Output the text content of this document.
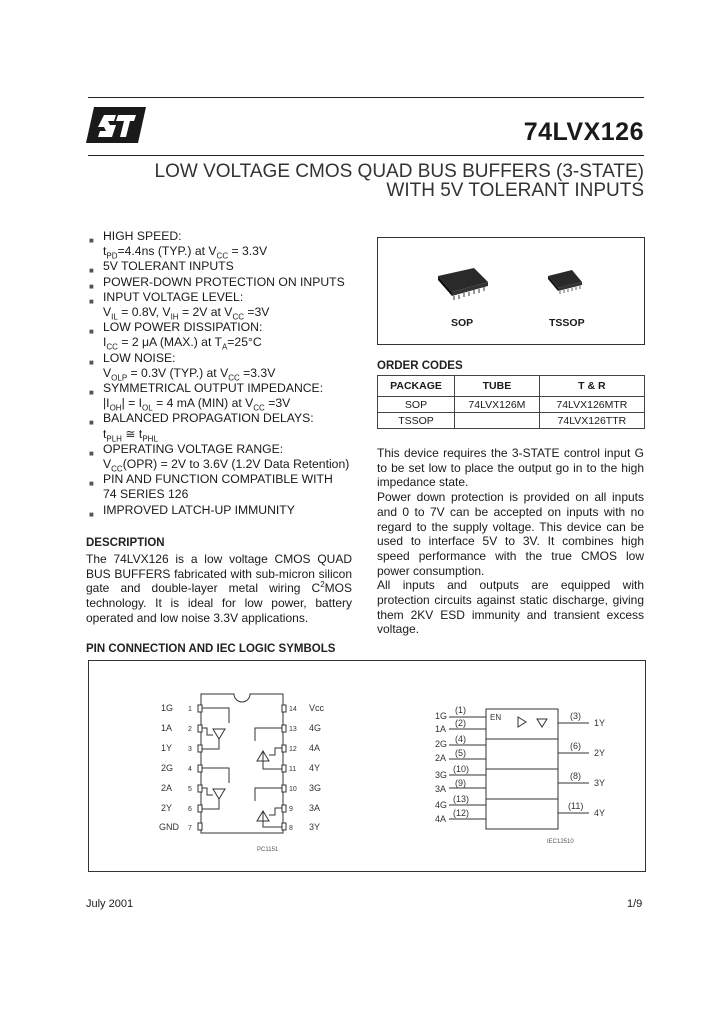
74LVX126
LOW VOLTAGE CMOS QUAD BUS BUFFERS (3-STATE)
WITH 5V TOLERANT INPUTS
■ HIGH SPEED:
$t_{PD}=4.4ns$ (TYP.) at $V_{CC} = 3.3V$
■ 5V TOLERANT INPUTS
■ POWER-DOWN PROTECTION ON INPUTS
■ INPUT VOLTAGE LEVEL:
$V_{IL} = 0.8V$, $V_{IH} = 2V$ at $V_{CC} =3V$
■ LOW POWER DISSIPATION:
$I_{CC} = 2$ μA (MAX.) at $T_A=25^\circ C$
■ LOW NOISE:
$V_{OLP} = 0.3V$ (TYP.) at $V_{CC} =3.3V$
■ SYMMETRICAL OUTPUT IMPEDANCE:
$|I_{OH}| = I_{OL} = 4$ mA (MIN) at $V_{CC} =3V$
■ BALANCED PROPAGATION DELAYS:
$t_{PLH}$ ≅ $t_{PHL}$
■ OPERATING VOLTAGE RANGE:
$V_{CC}(OPR) = 2V$ to 3.6V (1.2V Data Retention)
■ PIN AND FUNCTION COMPATIBLE WITH
74 SERIES 126
■ IMPROVED LATCH-UP IMMUNITY
DESCRIPTION
The 74LVX126 is a low voltage CMOS QUAD BUS BUFFERS fabricated with sub-micron silicon gate and double-layer metal wiring $C^2MOS$ technology. It is ideal for low power, battery operated and low noise 3.3V applications.
SOP	TSSOP
ORDER CODES
PACKAGE	TUBE	T & R
SOP	74LVX126M	74LVX126MTR
TSSOP		74LVX126TTR
This device requires the 3-STATE control input G to be set low to place the output go in to the high impedance state.
Power down protection is provided on all inputs and 0 to 7V can be accepted on inputs with no regard to the supply voltage. This device can be used to interface 5V to 3V. It combines high speed performance with the true CMOS low power consumption.
All inputs and outputs are equipped with protection circuits against static discharge, giving them 2KV ESD immunity and transient excess voltage.
PIN CONNECTION AND IEC LOGIC SYMBOLS
1G 1
1A 2
1Y 3
2G 4
2A 5
2Y 6
GND 7
14 Vcc
13 4G
12 4A
11 4Y
10 3G
9 3A
8 3Y
PC1151
EN
1G
(1)
1A
(2)
2G (4)
2A (5)
3G
(10)
3A
(9)
4G
(13)
4A
(12)
(3)
1Y
(6)
2Y
(8)
3Y
(11)
4Y
IEC12510
July 2001	1/9
